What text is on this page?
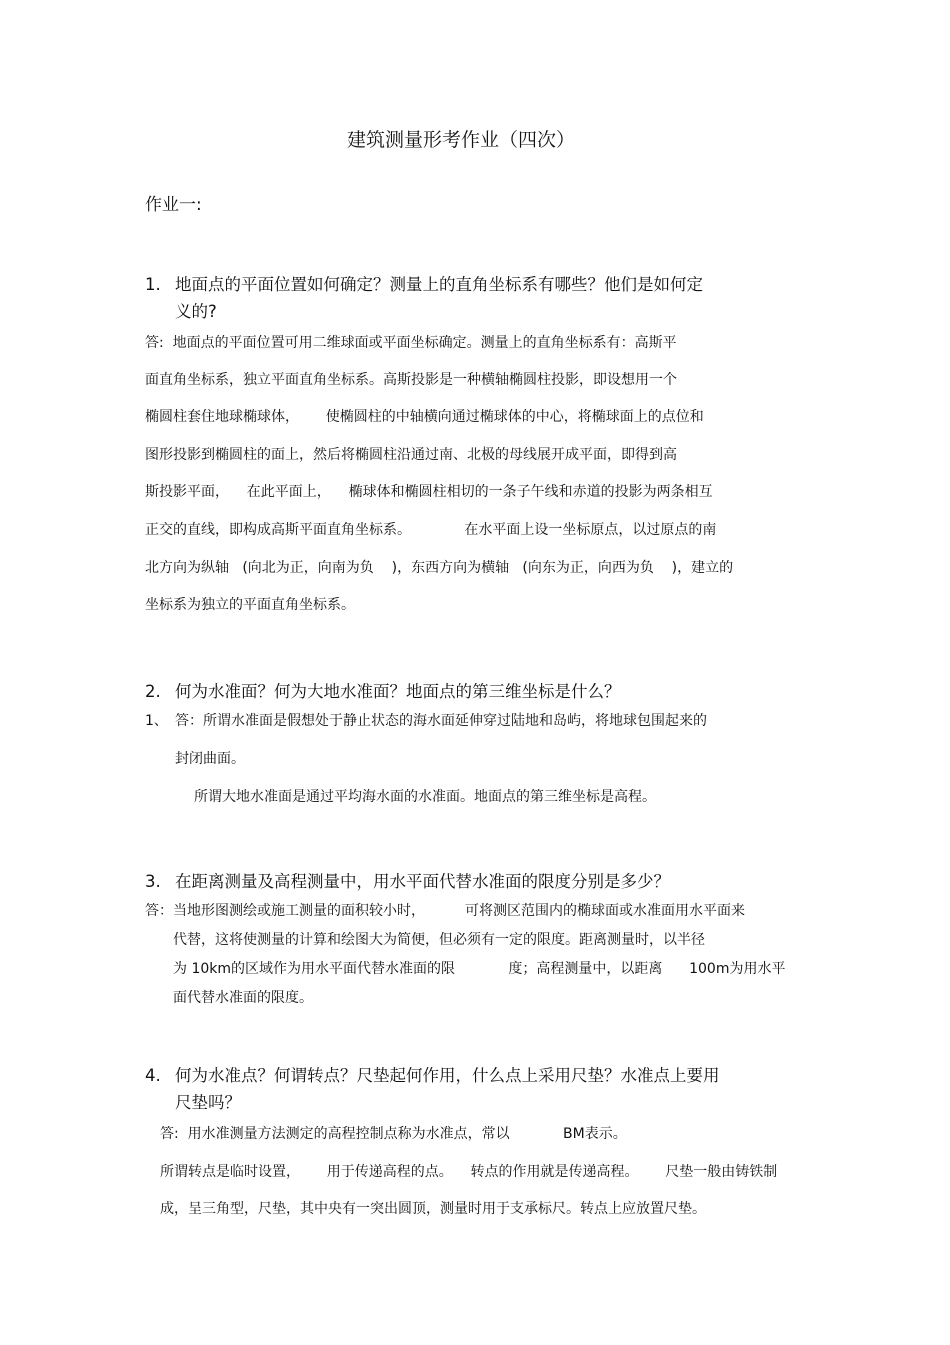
建筑测量形考作业（四次）
作业一:
1. 地面点的平面位置如何确定？测量上的直角坐标系有哪些？他们是如何定
义的?
答:  地面点的平面位置可用二维球面或平面坐标确定。测量上的直角坐标系有：高斯平
面直角坐标系，独立平面直角坐标系。高斯投影是一种横轴椭圆柱投影，即设想用一个
椭圆柱套住地球椭球体，      使椭圆柱的中轴横向通过椭球体的中心，将椭球面上的点位和
图形投影到椭圆柱的面上，然后将椭圆柱沿通过南、北极的母线展开成平面，即得到高
斯投影平面，    在此平面上，    椭球体和椭圆柱相切的一条子午线和赤道的投影为两条相互
正交的直线，即构成高斯平面直角坐标系。            在水平面上设一坐标原点，以过原点的南
北方向为纵轴   (向北为正，向南为负    )，东西方向为横轴   (向东为正，向西为负    )，建立的
坐标系为独立的平面直角坐标系。
2. 何为水准面？何为大地水准面？地面点的第三维坐标是什么？
1、 答：所谓水准面是假想处于静止状态的海水面延伸穿过陆地和岛屿，将地球包围起来的
封闭曲面。
所谓大地水准面是通过平均海水面的水准面。地面点的第三维坐标是高程。
3. 在距离测量及高程测量中，用水平面代替水准面的限度分别是多少？
答：当地形图测绘或施工测量的面积较小时，         可将测区范围内的椭球面或水准面用水平面来
代替，这将使测量的计算和绘图大为简便，但必须有一定的限度。距离测量时，以半径
为 10km的区域作为用水平面代替水准面的限            度；高程测量中，以距离      100m为用水平
面代替水准面的限度。
4. 何为水准点？何谓转点？尺垫起何作用，什么点上采用尺垫？水准点上要用
尺垫吗？
答:  用水准测量方法测定的高程控制点称为水准点，常以            BM表示。
所谓转点是临时设置，      用于传递高程的点。    转点的作用就是传递高程。      尺垫一般由铸铁制
成，呈三角型，尺垫，其中央有一突出圆顶，测量时用于支承标尺。转点上应放置尺垫。
